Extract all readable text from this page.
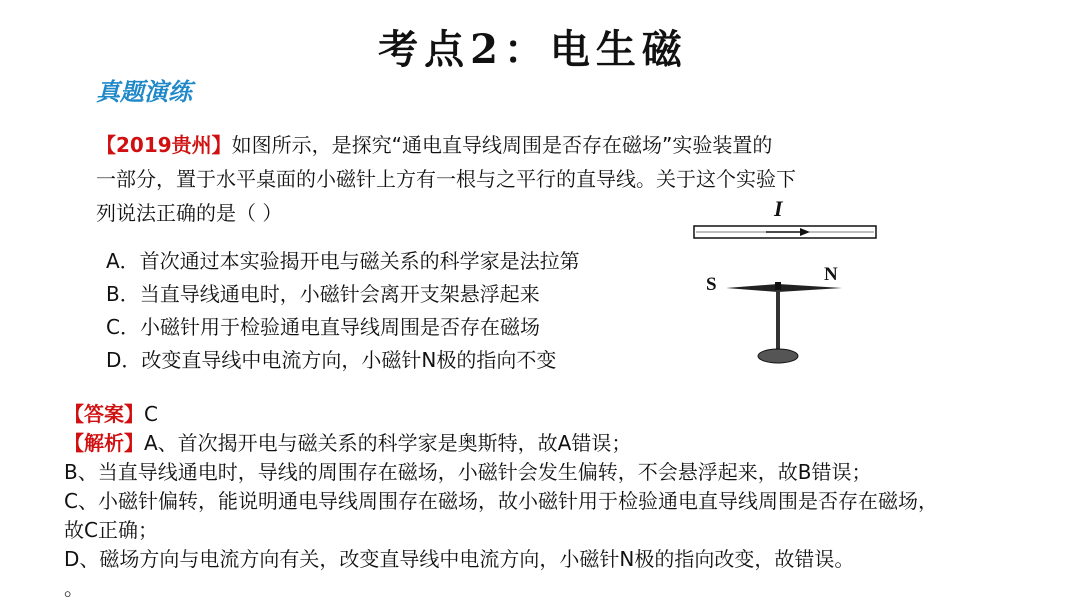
考点2：电生磁
真题演练
【2019贵州】如图所示，是探究“通电直导线周围是否存在磁场”实验装置的
一部分，置于水平桌面的小磁针上方有一根与之平行的直导线。关于这个实验下
列说法正确的是（ ）
A．首次通过本实验揭开电与磁关系的科学家是法拉第
B．当直导线通电时，小磁针会离开支架悬浮起来
C．小磁针用于检验通电直导线周围是否存在磁场
D．改变直导线中电流方向，小磁针N极的指向不变
I
S	N
【答案】C
【解析】A、首次揭开电与磁关系的科学家是奥斯特，故A错误；
B、当直导线通电时，导线的周围存在磁场，小磁针会发生偏转，不会悬浮起来，故B错误；
C、小磁针偏转，能说明通电导线周围存在磁场，故小磁针用于检验通电直导线周围是否存在磁场，
故C正确；
D、磁场方向与电流方向有关，改变直导线中电流方向，小磁针N极的指向改变，故错误。
。
